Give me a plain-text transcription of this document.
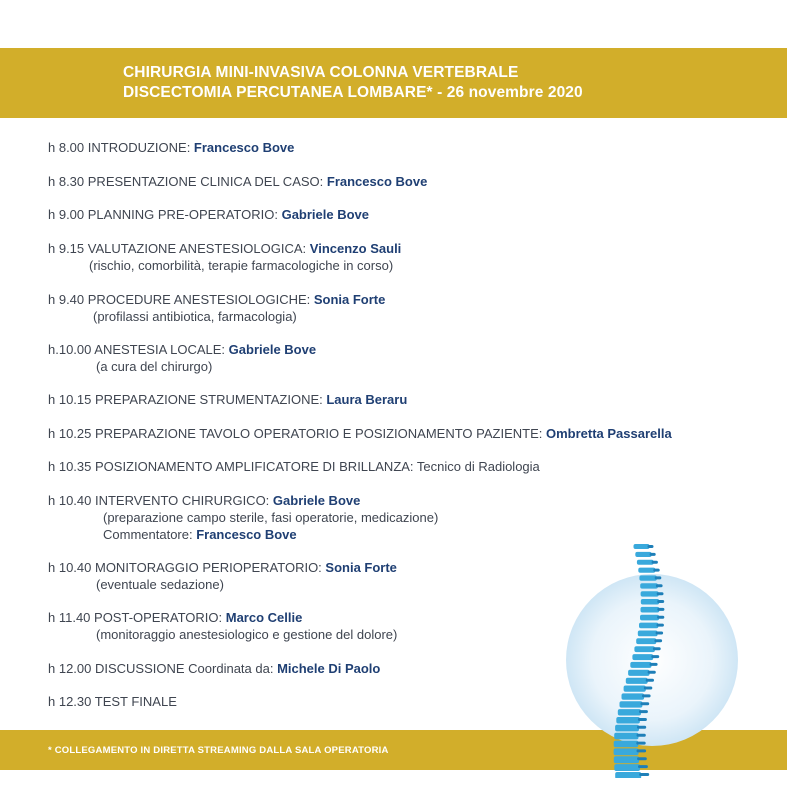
CHIRURGIA MINI-INVASIVA COLONNA VERTEBRALE
DISCECTOMIA PERCUTANEA LOMBARE* - 26 novembre 2020
h 8.00 INTRODUZIONE: Francesco Bove
h 8.30 PRESENTAZIONE CLINICA DEL CASO: Francesco Bove
h 9.00 PLANNING PRE-OPERATORIO: Gabriele Bove
h 9.15 VALUTAZIONE ANESTESIOLOGICA: Vincenzo Sauli
(rischio, comorbilità, terapie farmacologiche in corso)
h 9.40 PROCEDURE ANESTESIOLOGICHE: Sonia Forte
(profilassi antibiotica, farmacologia)
h.10.00 ANESTESIA LOCALE: Gabriele Bove
(a cura del chirurgo)
h 10.15 PREPARAZIONE STRUMENTAZIONE: Laura Beraru
h 10.25 PREPARAZIONE TAVOLO OPERATORIO E POSIZIONAMENTO PAZIENTE: Ombretta Passarella
h 10.35 POSIZIONAMENTO AMPLIFICATORE DI BRILLANZA: Tecnico di Radiologia
h 10.40 INTERVENTO CHIRURGICO: Gabriele Bove
(preparazione campo sterile, fasi operatorie, medicazione)
Commentatore: Francesco Bove
h 10.40 MONITORAGGIO PERIOPERATORIO: Sonia Forte
(eventuale sedazione)
h 11.40 POST-OPERATORIO: Marco Cellie
(monitoraggio anestesiologico e gestione del dolore)
h 12.00 DISCUSSIONE Coordinata da: Michele Di Paolo
h 12.30 TEST FINALE
* COLLEGAMENTO IN DIRETTA STREAMING DALLA SALA OPERATORIA
